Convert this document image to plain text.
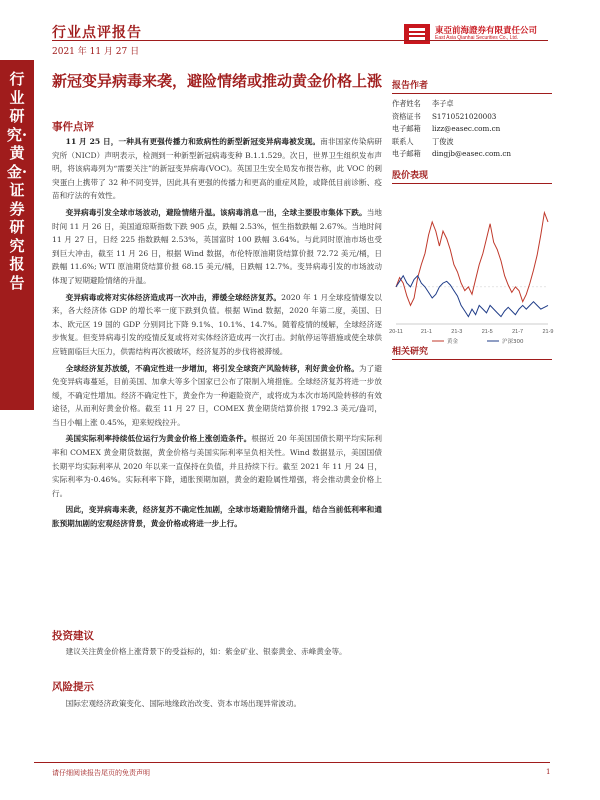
行业点评报告	東亞前海證券有限責任公司
East Asia Qianhai Securities Co., Ltd.
2021 年 11 月 27 日
行业研究·黄金·证券研究报告
新冠变异病毒来袭，避险情绪或推动黄金价格上涨
事件点评

11 月 25 日，一种具有更强传播力和致病性的新型新冠变异病毒被发现。南非国家传染病研究所（NICD）声明表示，检测到一种新型新冠病毒变种 B.1.1.529。次日，世界卫生组织发布声明，将该病毒列为“需要关注”的新冠变异病毒(VOC)。英国卫生安全局发布报告称，此 VOC 的刺突蛋白上携带了 32 种不同变异，因此具有更强的传播力和更高的重症风险，或降低目前诊断、疫苗和疗法的有效性。

变异病毒引发全球市场波动，避险情绪升温。该病毒消息一出，全球主要股市集体下跌。当地时间 11 月 26 日，美国道琼斯指数下跌 905 点，跌幅 2.53%，恒生指数跌幅 2.67%。当地时间 11 月 27 日，日经 225 指数跌幅 2.53%，英国富时 100 跌幅 3.64%。与此同时原油市场也受到巨大冲击，截至 11 月 26 日，根据 Wind 数据，布伦特原油期货结算价报 72.72 美元/桶，日跌幅 11.6%; WTI 原油期货结算价报 68.15 美元/桶，日跌幅 12.7%。变异病毒引发的市场波动体现了短期避险情绪的升温。

变异病毒或将对实体经济造成再一次冲击，滞缓全球经济复苏。2020 年 1 月全球疫情爆发以来，各大经济体 GDP 的增长率一度下跌到负值。根据 Wind 数据，2020 年第二度，美国、日本、欧元区 19 国的 GDP 分别同比下降 9.1%、10.1%、14.7%。随着疫情的缓解，全球经济逐步恢复。但变异病毒引发的疫情反复或将对实体经济造成再一次打击。封航停运等措施或使全球供应链面临巨大压力，供需结构再次被破坏，经济复苏的步伐将被滞缓。

全球经济复苏放缓，不确定性进一步增加，将引发全球资产风险转移，利好黄金价格。为了避免变异病毒蔓延，目前美国、加拿大等多个国家已公布了限制入境措施。全球经济复苏将进一步放缓，不确定性增加。经济不确定性下，黄金作为一种避险资产，或将成为本次市场风险转移的有效途径，从而利好黄金价格。截至 11 月 27 日，COMEX 黄金期货结算价报 1792.3 美元/盎司，当日小幅上涨 0.45%，迎来短线拉升。

美国实际利率持续低位运行为黄金价格上涨创造条件。根据近 20 年美国国债长期平均实际利率和 COMEX 黄金期货数据，黄金价格与美国实际利率呈负相关性。Wind 数据显示，美国国债长期平均实际利率从 2020 年以来一直保持在负值，并且持续下行。截至 2021 年 11 月 24 日，实际利率为-0.46%。实际利率下降，通胀预期加剧，黄金的避险属性增强，将会推动黄金价格上行。

因此，变异病毒来袭，经济复苏不确定性加剧，全球市场避险情绪升温，结合当前低利率和通胀预期加剧的宏观经济背景，黄金价格或将进一步上行。

投资建议

建议关注黄金价格上涨背景下的受益标的，如：紫金矿业、银泰黄金、赤峰黄金等。

风险提示

国际宏观经济政策变化、国际地缘政治改变、资本市场出现异常波动。

报告作者
作者姓名 李子卓
资格证书 S1710521020003
电子邮箱 lizz@easec.com.cn
联系人	丁俊波
电子邮箱 dingjb@easec.com.cn
股价表现
20-11	21-1	21-3	21-5	21-7	21-9
黄金	沪深300
相关研究
请仔细阅读报告尾页的免责声明	1
